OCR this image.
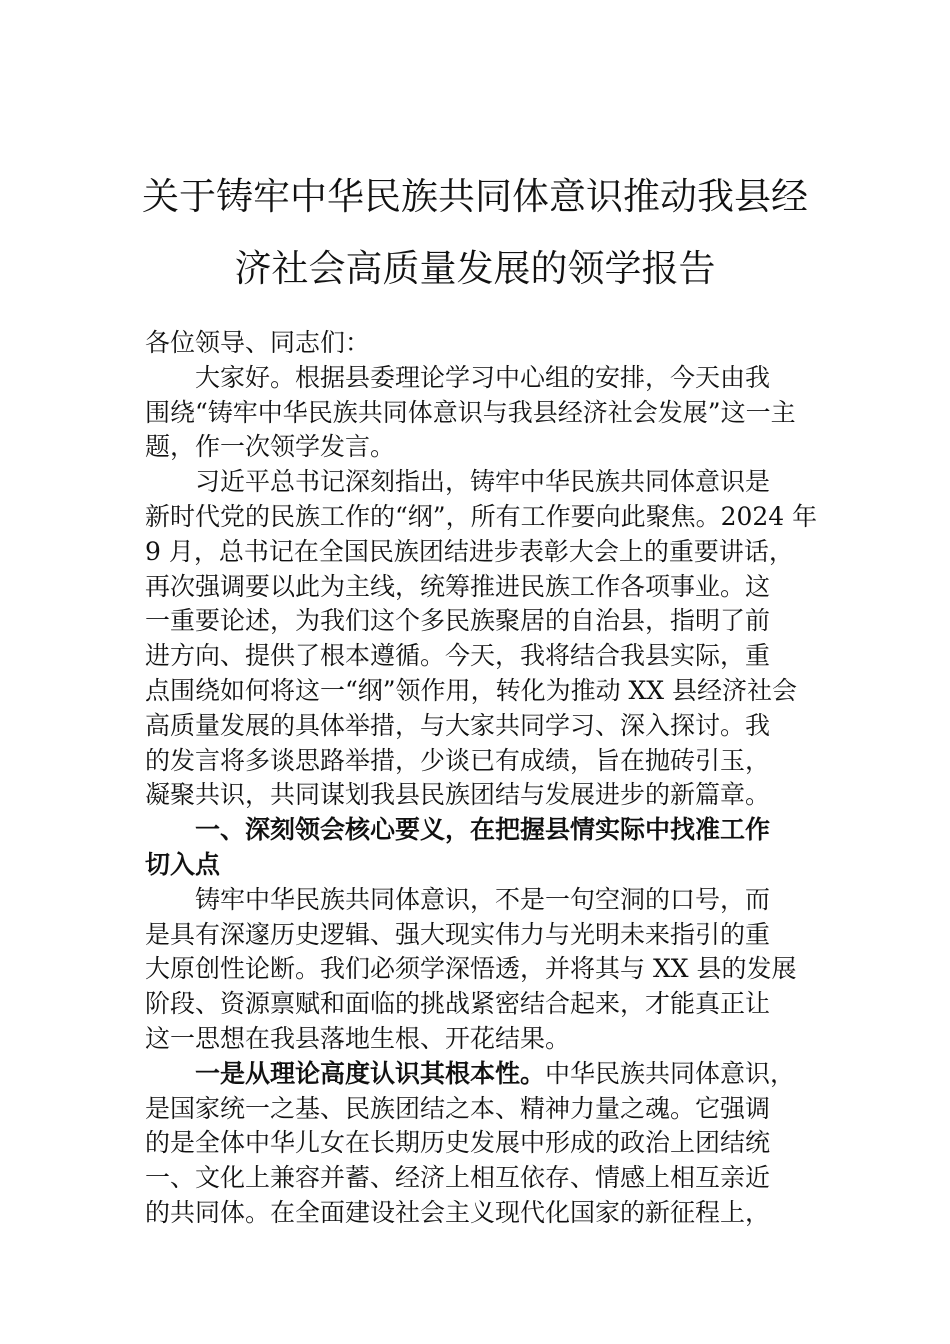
关于铸牢中华民族共同体意识推动我县经
济社会高质量发展的领学报告
各位领导、同志们：
大家好。根据县委理论学习中心组的安排，今天由我
围绕“铸牢中华民族共同体意识与我县经济社会发展”这一主
题，作一次领学发言。
习近平总书记深刻指出，铸牢中华民族共同体意识是
新时代党的民族工作的“纲”，所有工作要向此聚焦。2024 年
9 月，总书记在全国民族团结进步表彰大会上的重要讲话，
再次强调要以此为主线，统筹推进民族工作各项事业。这
一重要论述，为我们这个多民族聚居的自治县，指明了前
进方向、提供了根本遵循。今天，我将结合我县实际，重
点围绕如何将这一“纲”领作用，转化为推动 XX 县经济社会
高质量发展的具体举措，与大家共同学习、深入探讨。我
的发言将多谈思路举措，少谈已有成绩，旨在抛砖引玉，
凝聚共识，共同谋划我县民族团结与发展进步的新篇章。
一、深刻领会核心要义，在把握县情实际中找准工作
切入点
铸牢中华民族共同体意识，不是一句空洞的口号，而
是具有深邃历史逻辑、强大现实伟力与光明未来指引的重
大原创性论断。我们必须学深悟透，并将其与 XX 县的发展
阶段、资源禀赋和面临的挑战紧密结合起来，才能真正让
这一思想在我县落地生根、开花结果。
一是从理论高度认识其根本性。中华民族共同体意识，
是国家统一之基、民族团结之本、精神力量之魂。它强调
的是全体中华儿女在长期历史发展中形成的政治上团结统
一、文化上兼容并蓄、经济上相互依存、情感上相互亲近
的共同体。在全面建设社会主义现代化国家的新征程上，
